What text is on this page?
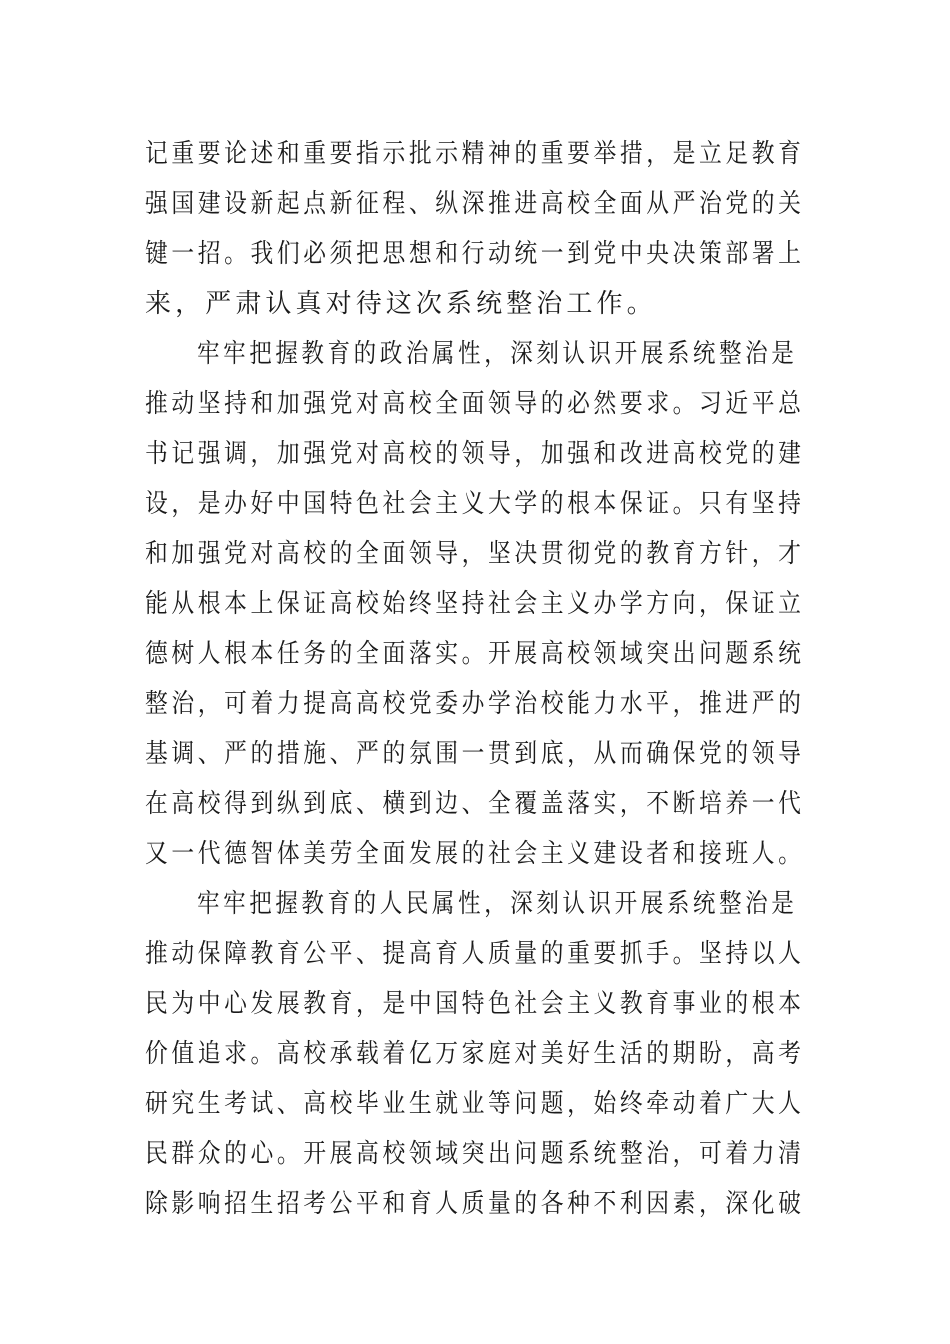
记重要论述和重要指示批示精神的重要举措，是立足教育
强国建设新起点新征程、纵深推进高校全面从严治党的关
键一招。我们必须把思想和行动统一到党中央决策部署上
来，严肃认真对待这次系统整治工作。
牢牢把握教育的政治属性，深刻认识开展系统整治是
推动坚持和加强党对高校全面领导的必然要求。习近平总
书记强调，加强党对高校的领导，加强和改进高校党的建
设，是办好中国特色社会主义大学的根本保证。只有坚持
和加强党对高校的全面领导，坚决贯彻党的教育方针，才
能从根本上保证高校始终坚持社会主义办学方向，保证立
德树人根本任务的全面落实。开展高校领域突出问题系统
整治，可着力提高高校党委办学治校能力水平，推进严的
基调、严的措施、严的氛围一贯到底，从而确保党的领导
在高校得到纵到底、横到边、全覆盖落实，不断培养一代
又一代德智体美劳全面发展的社会主义建设者和接班人。
牢牢把握教育的人民属性，深刻认识开展系统整治是
推动保障教育公平、提高育人质量的重要抓手。坚持以人
民为中心发展教育，是中国特色社会主义教育事业的根本
价值追求。高校承载着亿万家庭对美好生活的期盼，高考
研究生考试、高校毕业生就业等问题，始终牵动着广大人
民群众的心。开展高校领域突出问题系统整治，可着力清
除影响招生招考公平和育人质量的各种不利因素，深化破
